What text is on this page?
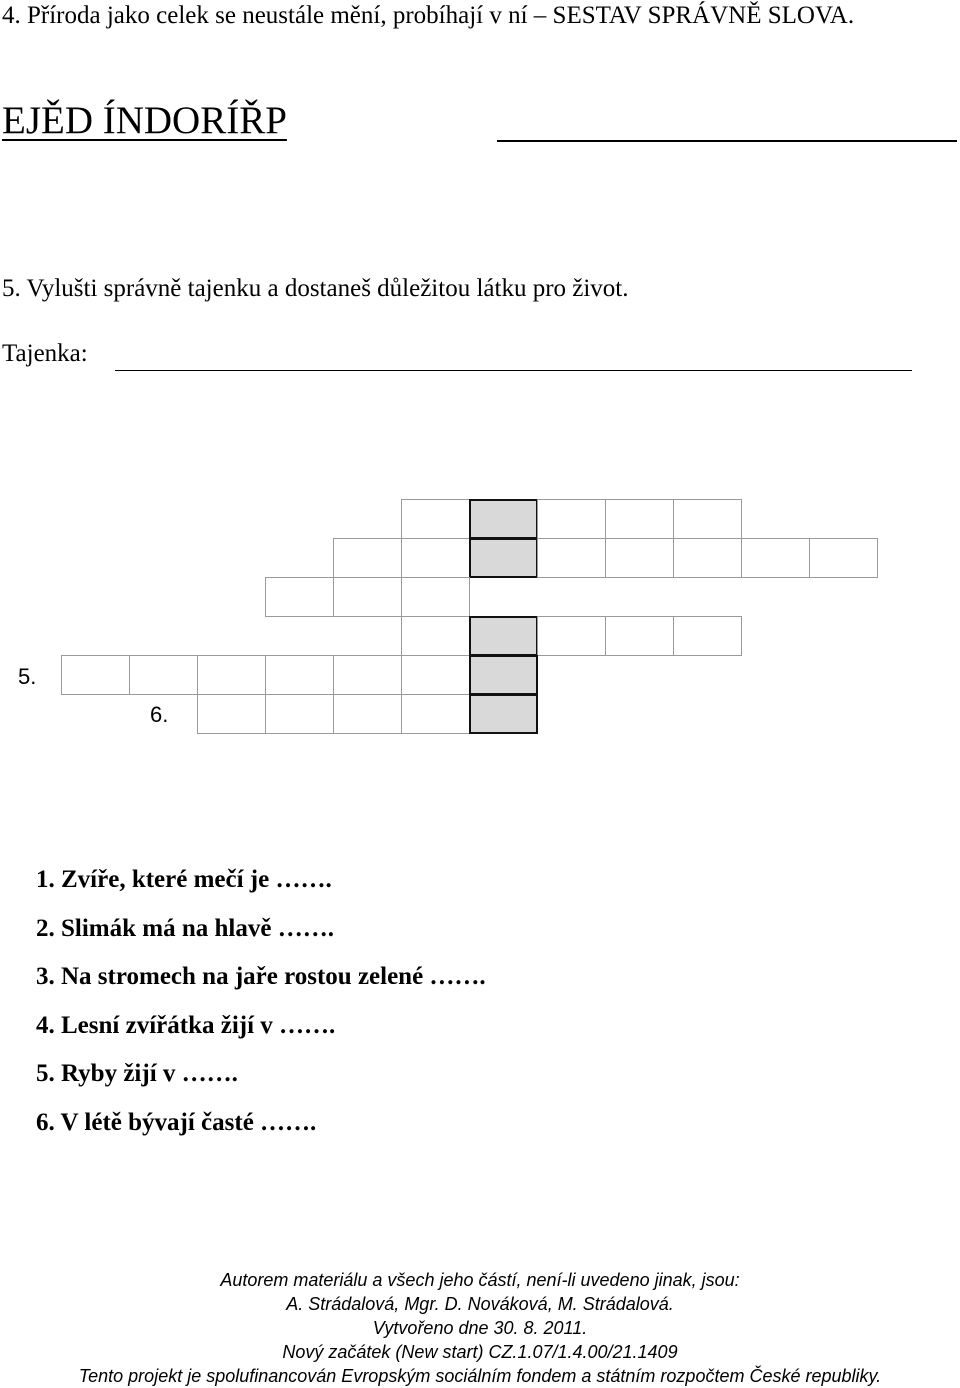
4. Příroda jako celek se neustále mění, probíhají v ní – SESTAV SPRÁVNĚ SLOVA.
EJĚD ÍNDORÍŘP
5. Vylušti správně tajenku a dostaneš důležitou látku pro život.
Tajenka:
5.
6.
1. Zvíře, které mečí je …….
2. Slimák má na hlavě …….
3. Na stromech na jaře rostou zelené …….
4. Lesní zvířátka žijí v …….
5. Ryby žijí v …….
6. V létě bývají časté …….
Autorem materiálu a všech jeho částí, není-li uvedeno jinak, jsou:
A. Strádalová, Mgr. D. Nováková, M. Strádalová.
Vytvořeno dne 30. 8. 2011.
Nový začátek (New start) CZ.1.07/1.4.00/21.1409
Tento projekt je spolufinancován Evropským sociálním fondem a státním rozpočtem České republiky.
